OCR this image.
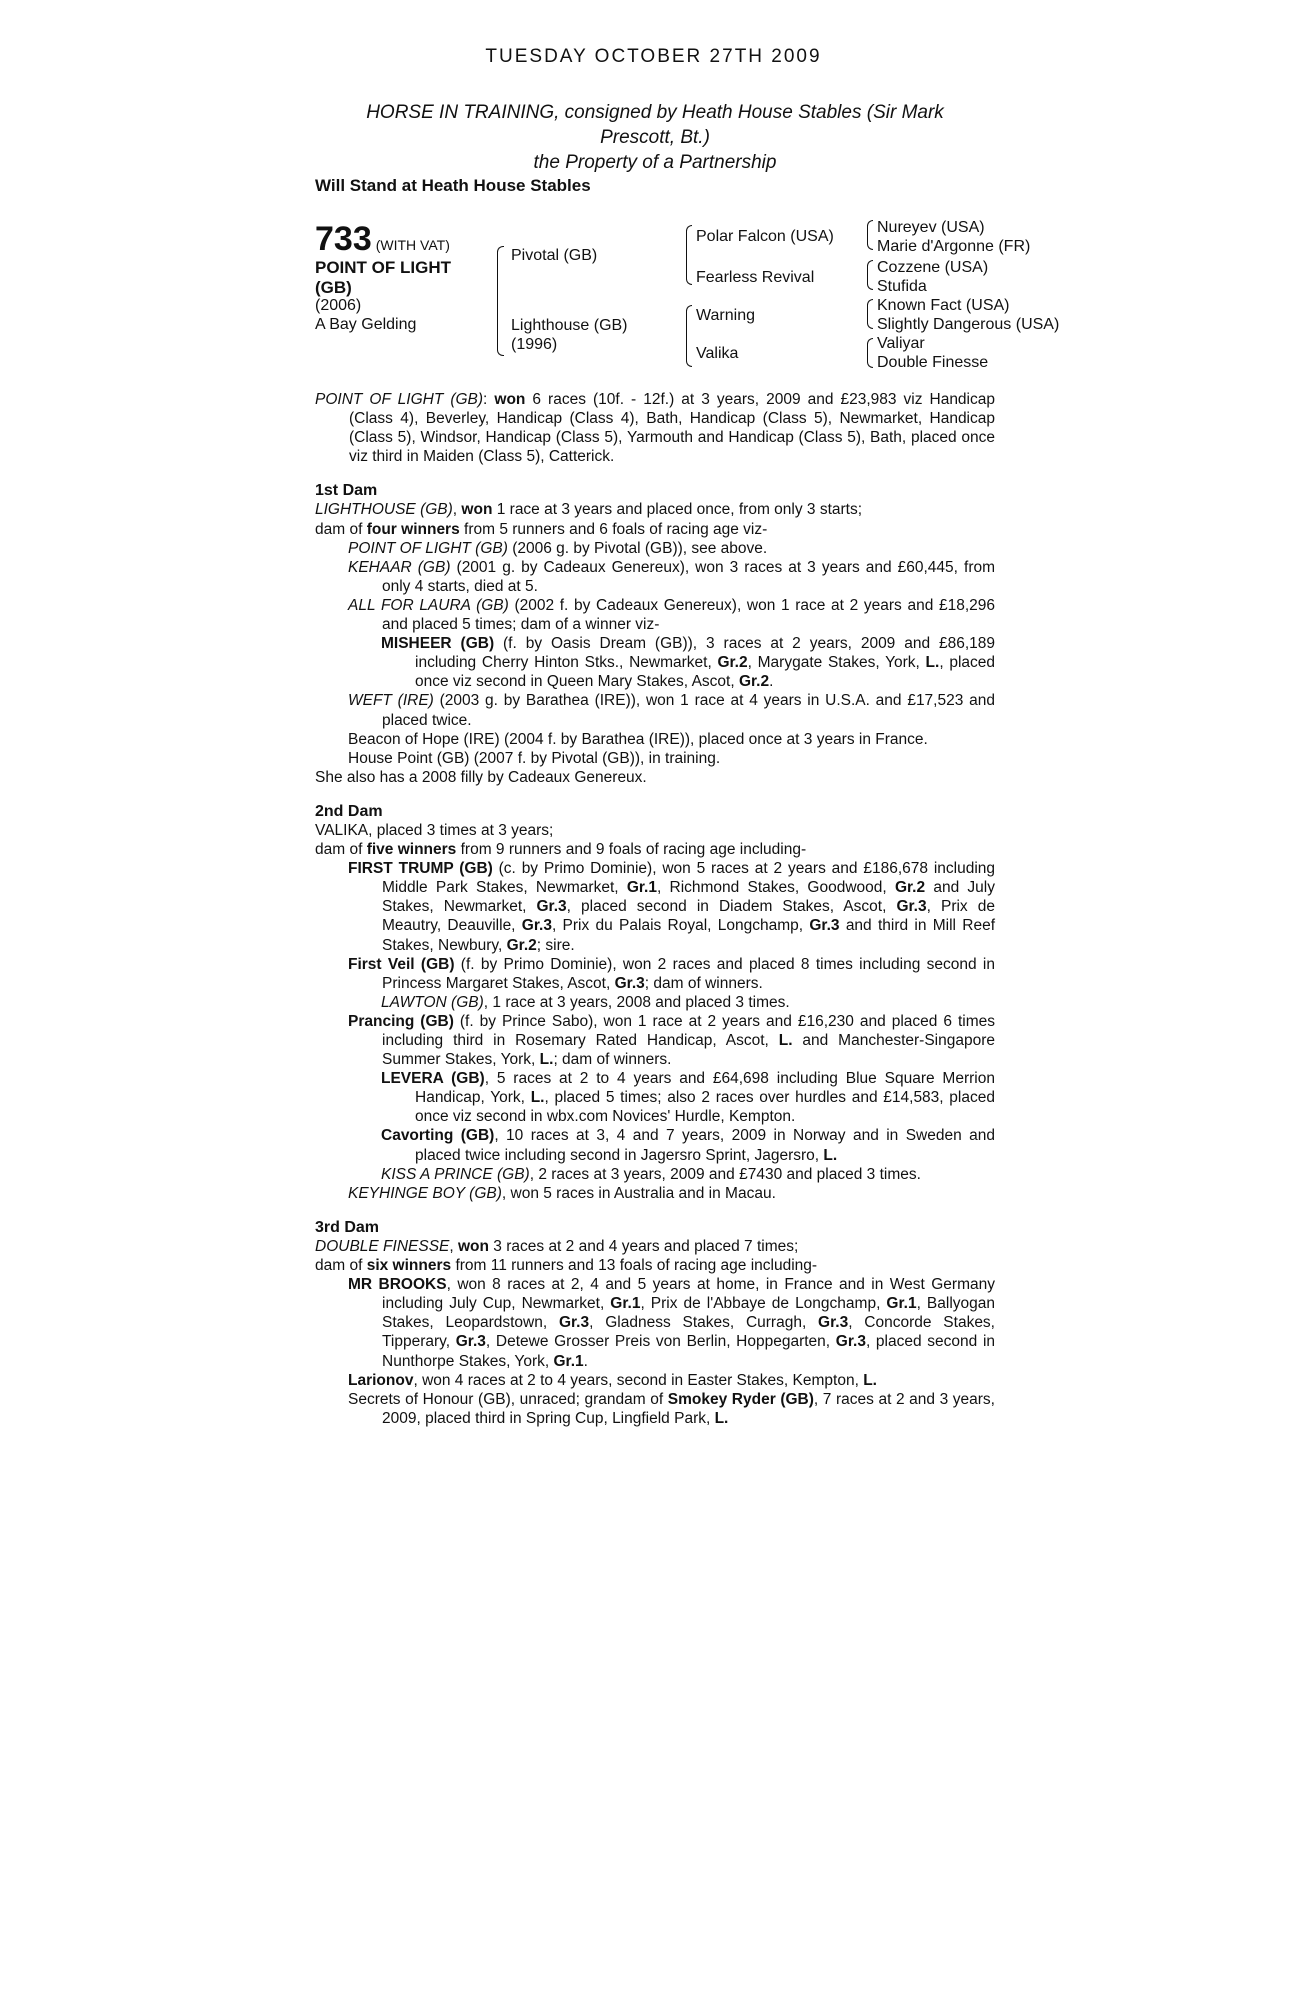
TUESDAY OCTOBER 27TH 2009
HORSE IN TRAINING, consigned by Heath House Stables (Sir Mark
Prescott, Bt.)
the Property of a Partnership
Will Stand at Heath House Stables
733 (WITH VAT)
POINT OF LIGHT (GB)
(2006)
A Bay Gelding
Pivotal (GB)
Lighthouse (GB)
(1996)
Polar Falcon (USA)
Fearless Revival
Warning
Valika
Nureyev (USA)
Marie d'Argonne (FR)
Cozzene (USA)
Stufida
Known Fact (USA)
Slightly Dangerous (USA)
Valiyar
Double Finesse

POINT OF LIGHT (GB): won 6 races (10f. - 12f.) at 3 years, 2009 and £23,983 viz Handicap (Class 4), Beverley, Handicap (Class 4), Bath, Handicap (Class 5), Newmarket, Handicap (Class 5), Windsor, Handicap (Class 5), Yarmouth and Handicap (Class 5), Bath, placed once viz third in Maiden (Class 5), Catterick.

1st Dam

LIGHTHOUSE (GB), won 1 race at 3 years and placed once, from only 3 starts;

dam of four winners from 5 runners and 6 foals of racing age viz-

POINT OF LIGHT (GB) (2006 g. by Pivotal (GB)), see above.

KEHAAR (GB) (2001 g. by Cadeaux Genereux), won 3 races at 3 years and £60,445, from only 4 starts, died at 5.

ALL FOR LAURA (GB) (2002 f. by Cadeaux Genereux), won 1 race at 2 years and £18,296 and placed 5 times; dam of a winner viz-

MISHEER (GB) (f. by Oasis Dream (GB)), 3 races at 2 years, 2009 and £86,189 including Cherry Hinton Stks., Newmarket, Gr.2, Marygate Stakes, York, L., placed once viz second in Queen Mary Stakes, Ascot, Gr.2.

WEFT (IRE) (2003 g. by Barathea (IRE)), won 1 race at 4 years in U.S.A. and £17,523 and placed twice.

Beacon of Hope (IRE) (2004 f. by Barathea (IRE)), placed once at 3 years in France.

House Point (GB) (2007 f. by Pivotal (GB)), in training.

She also has a 2008 filly by Cadeaux Genereux.

2nd Dam

VALIKA, placed 3 times at 3 years;

dam of five winners from 9 runners and 9 foals of racing age including-

FIRST TRUMP (GB) (c. by Primo Dominie), won 5 races at 2 years and £186,678 including Middle Park Stakes, Newmarket, Gr.1, Richmond Stakes, Goodwood, Gr.2 and July Stakes, Newmarket, Gr.3, placed second in Diadem Stakes, Ascot, Gr.3, Prix de Meautry, Deauville, Gr.3, Prix du Palais Royal, Longchamp, Gr.3 and third in Mill Reef Stakes, Newbury, Gr.2; sire.

First Veil (GB) (f. by Primo Dominie), won 2 races and placed 8 times including second in Princess Margaret Stakes, Ascot, Gr.3; dam of winners.

LAWTON (GB), 1 race at 3 years, 2008 and placed 3 times.

Prancing (GB) (f. by Prince Sabo), won 1 race at 2 years and £16,230 and placed 6 times including third in Rosemary Rated Handicap, Ascot, L. and Manchester-Singapore Summer Stakes, York, L.; dam of winners.

LEVERA (GB), 5 races at 2 to 4 years and £64,698 including Blue Square Merrion Handicap, York, L., placed 5 times; also 2 races over hurdles and £14,583, placed once viz second in wbx.com Novices' Hurdle, Kempton.

Cavorting (GB), 10 races at 3, 4 and 7 years, 2009 in Norway and in Sweden and placed twice including second in Jagersro Sprint, Jagersro, L.

KISS A PRINCE (GB), 2 races at 3 years, 2009 and £7430 and placed 3 times.

KEYHINGE BOY (GB), won 5 races in Australia and in Macau.

3rd Dam

DOUBLE FINESSE, won 3 races at 2 and 4 years and placed 7 times;

dam of six winners from 11 runners and 13 foals of racing age including-

MR BROOKS, won 8 races at 2, 4 and 5 years at home, in France and in West Germany including July Cup, Newmarket, Gr.1, Prix de l'Abbaye de Longchamp, Gr.1, Ballyogan Stakes, Leopardstown, Gr.3, Gladness Stakes, Curragh, Gr.3, Concorde Stakes, Tipperary, Gr.3, Detewe Grosser Preis von Berlin, Hoppegarten, Gr.3, placed second in Nunthorpe Stakes, York, Gr.1.

Larionov, won 4 races at 2 to 4 years, second in Easter Stakes, Kempton, L.

Secrets of Honour (GB), unraced; grandam of Smokey Ryder (GB), 7 races at 2 and 3 years, 2009, placed third in Spring Cup, Lingfield Park, L.
